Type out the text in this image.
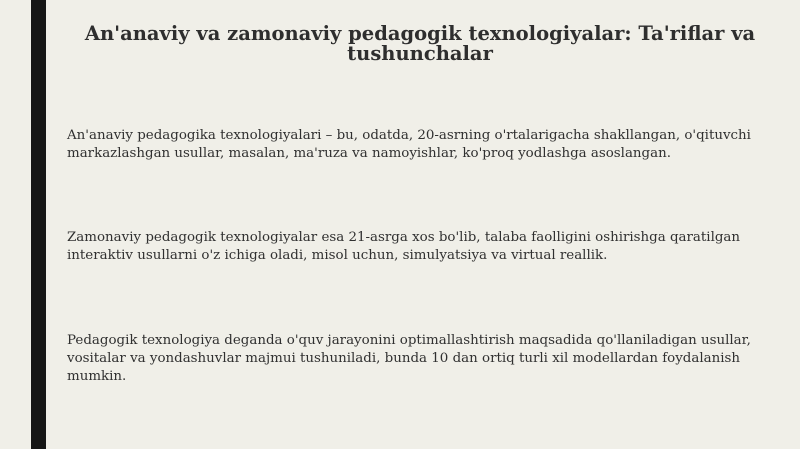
An'anaviy va zamonaviy pedagogik texnologiyalar: Ta'riflar va tushunchalar

An'anaviy pedagogika texnologiyalari – bu, odatda, 20-asrning o'rtalarigacha shakllangan, o'qituvchi markazlashgan usullar, masalan, ma'ruza va namoyishlar, ko'proq yodlashga asoslangan.

Zamonaviy pedagogik texnologiyalar esa 21-asrga xos bo'lib, talaba faolligini oshirishga qaratilgan interaktiv usullarni o'z ichiga oladi, misol uchun, simulyatsiya va virtual reallik.

Pedagogik texnologiya deganda o'quv jarayonini optimallashtirish maqsadida qo'llaniladigan usullar, vositalar va yondashuvlar majmui tushuniladi, bunda 10 dan ortiq turli xil modellardan foydalanish mumkin.
